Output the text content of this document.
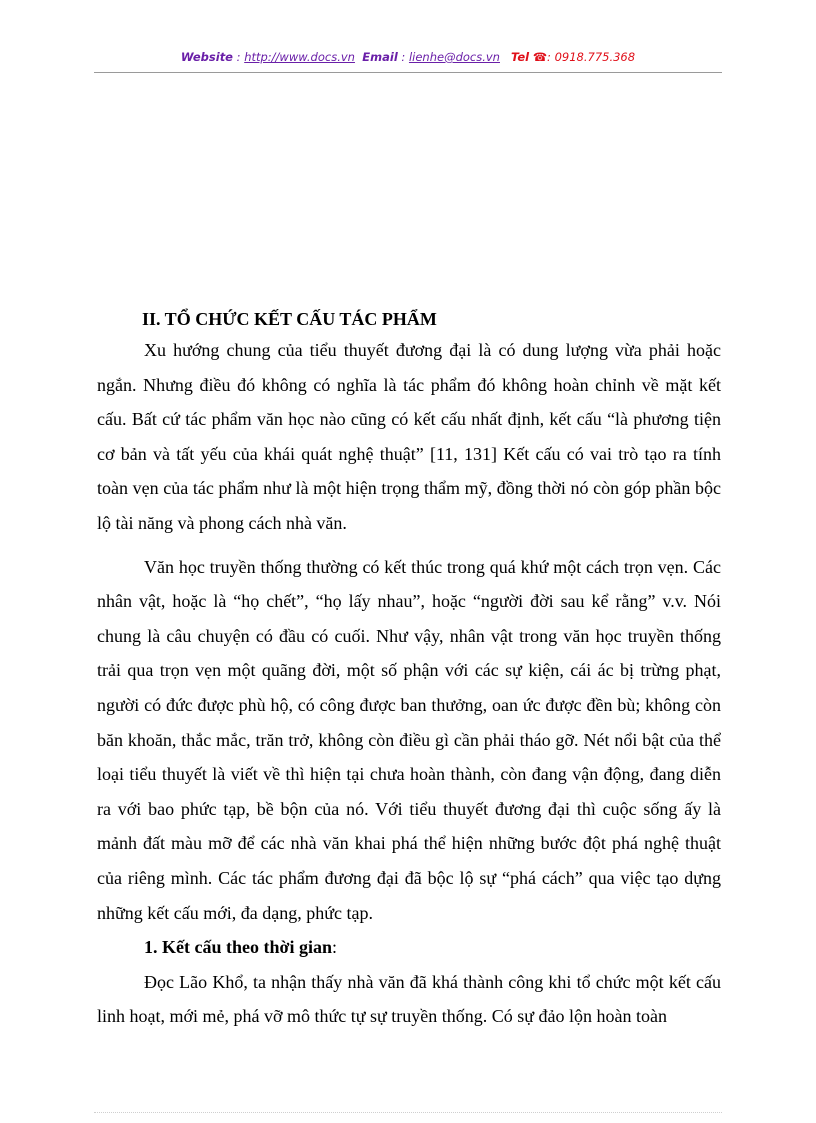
Website : http://www.docs.vn Email : lienhe@docs.vn Tel ☎: 0918.775.368
II. TỔ CHỨC KẾT CẤU TÁC PHẨM

Xu hướng chung của tiểu thuyết đương đại là có dung lượng vừa phải hoặc ngắn. Nhưng điều đó không có nghĩa là tác phẩm đó không hoàn chỉnh về mặt kết cấu. Bất cứ tác phẩm văn học nào cũng có kết cấu nhất định, kết cấu “là phương tiện cơ bản và tất yếu của khái quát nghệ thuật” [11, 131] Kết cấu có vai trò tạo ra tính toàn vẹn của tác phẩm như là một hiện trọng thẩm mỹ, đồng thời nó còn góp phần bộc lộ tài năng và phong cách nhà văn.

Văn học truyền thống thường có kết thúc trong quá khứ một cách trọn vẹn. Các nhân vật, hoặc là “họ chết”, “họ lấy nhau”, hoặc “người đời sau kể rằng” v.v. Nói chung là câu chuyện có đầu có cuối. Như vậy, nhân vật trong văn học truyền thống trải qua trọn vẹn một quãng đời, một số phận với các sự kiện, cái ác bị trừng phạt, người có đức được phù hộ, có công được ban thưởng, oan ức được đền bù; không còn băn khoăn, thắc mắc, trăn trở, không còn điều gì cần phải tháo gỡ. Nét nổi bật của thể loại tiểu thuyết là viết về thì hiện tại chưa hoàn thành, còn đang vận động, đang diễn ra với bao phức tạp, bề bộn của nó. Với tiểu thuyết đương đại thì cuộc sống ấy là mảnh đất màu mỡ để các nhà văn khai phá thể hiện những bước đột phá nghệ thuật của riêng mình. Các tác phẩm đương đại đã bộc lộ sự “phá cách” qua việc tạo dựng những kết cấu mới, đa dạng, phức tạp.

1. Kết cấu theo thời gian:

Đọc Lão Khổ, ta nhận thấy nhà văn đã khá thành công khi tổ chức một kết cấu linh hoạt, mới mẻ, phá vỡ mô thức tự sự truyền thống. Có sự đảo lộn hoàn toàn
